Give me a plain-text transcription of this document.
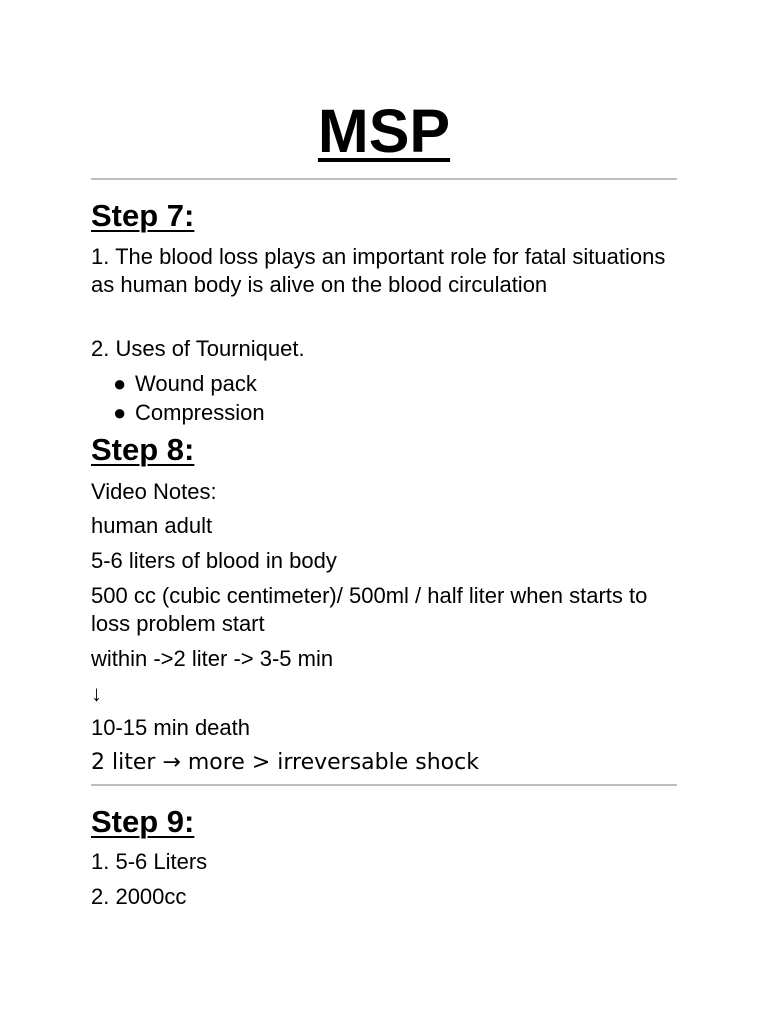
MSP
Step 7:

1. The blood loss plays an important role for fatal situations as human body is alive on the blood circulation

2. Uses of Tourniquet.

● Wound pack
● Compression
Step 8:

Video Notes:

human adult

5-6 liters of blood in body

500 cc (cubic centimeter)/ 500ml / half liter when starts to loss problem start

within ->2 liter -> 3-5 min

↓

10-15 min death

2 liter → more > irreversable shock

Step 9:

1. 5-6 Liters

2. 2000cc
